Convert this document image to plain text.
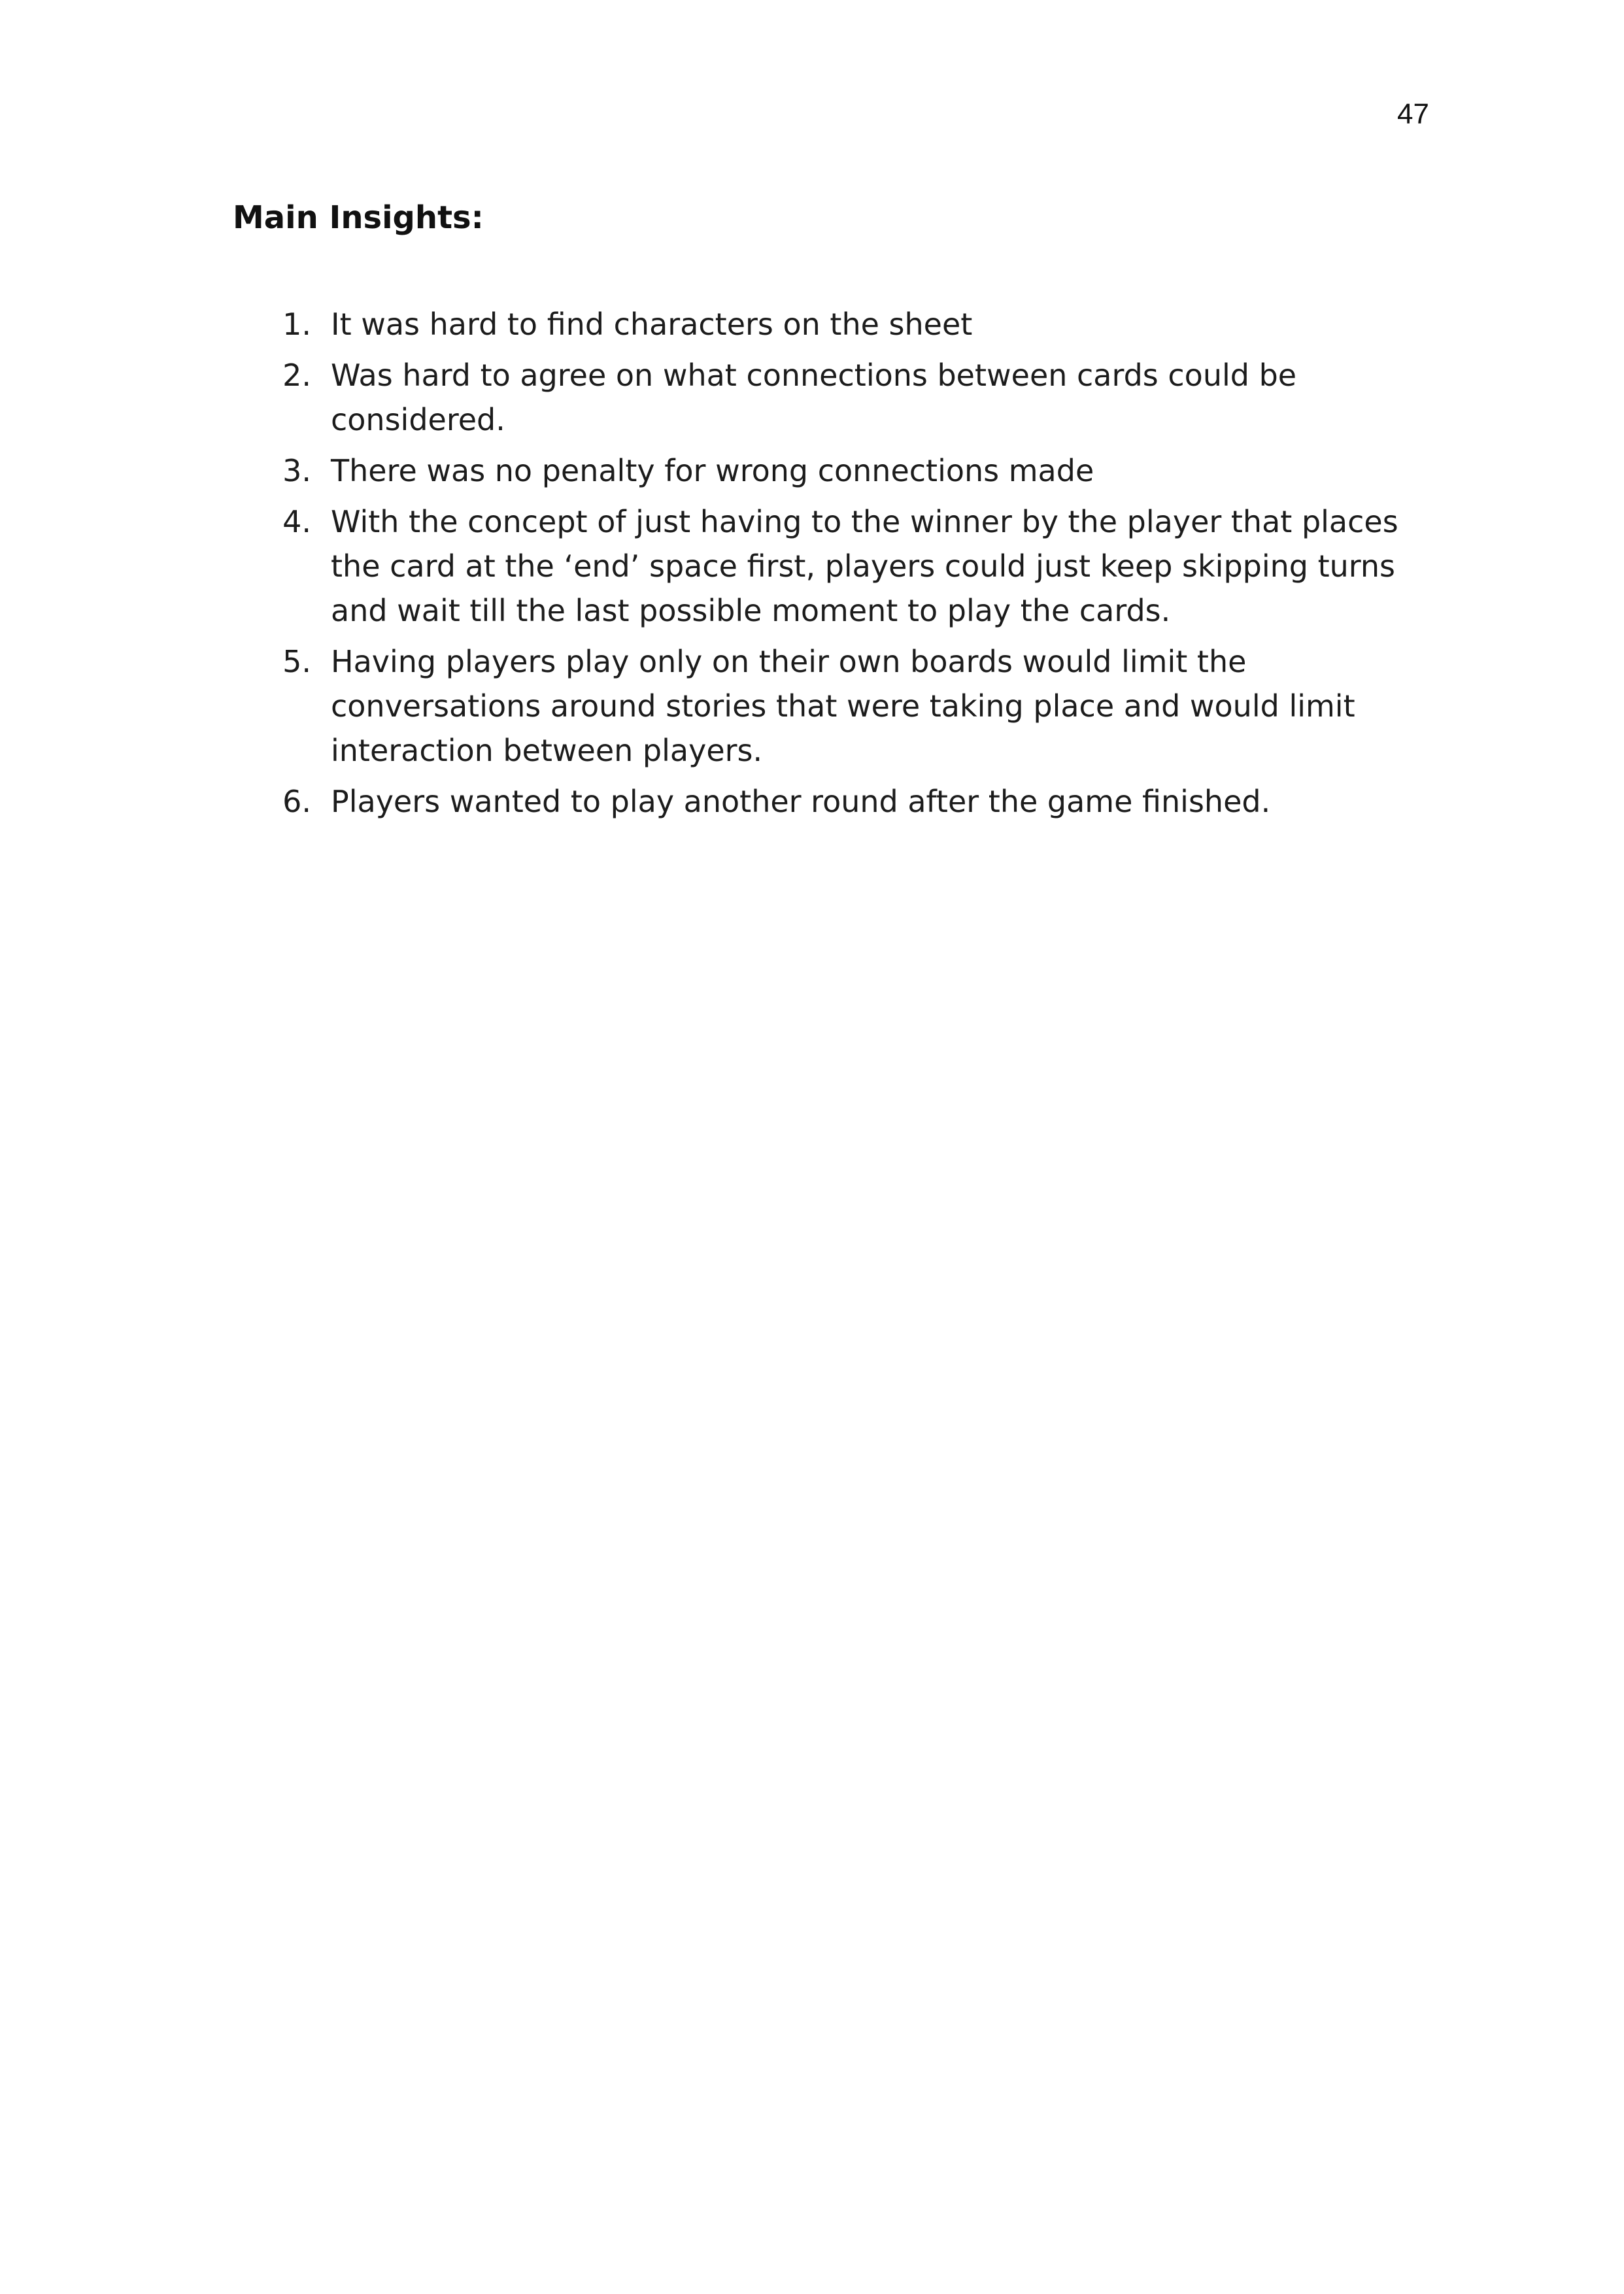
47
Main Insights:
1. It was hard to find characters on the sheet
2. Was hard to agree on what connections between cards could be considered.
3. There was no penalty for wrong connections made
4. With the concept of just having to the winner by the player that places the card at the ‘end’ space first, players could just keep skipping turns and wait till the last possible moment to play the cards.
5. Having players play only on their own boards would limit the conversations around stories that were taking place and would limit interaction between players.
6. Players wanted to play another round after the game finished.
